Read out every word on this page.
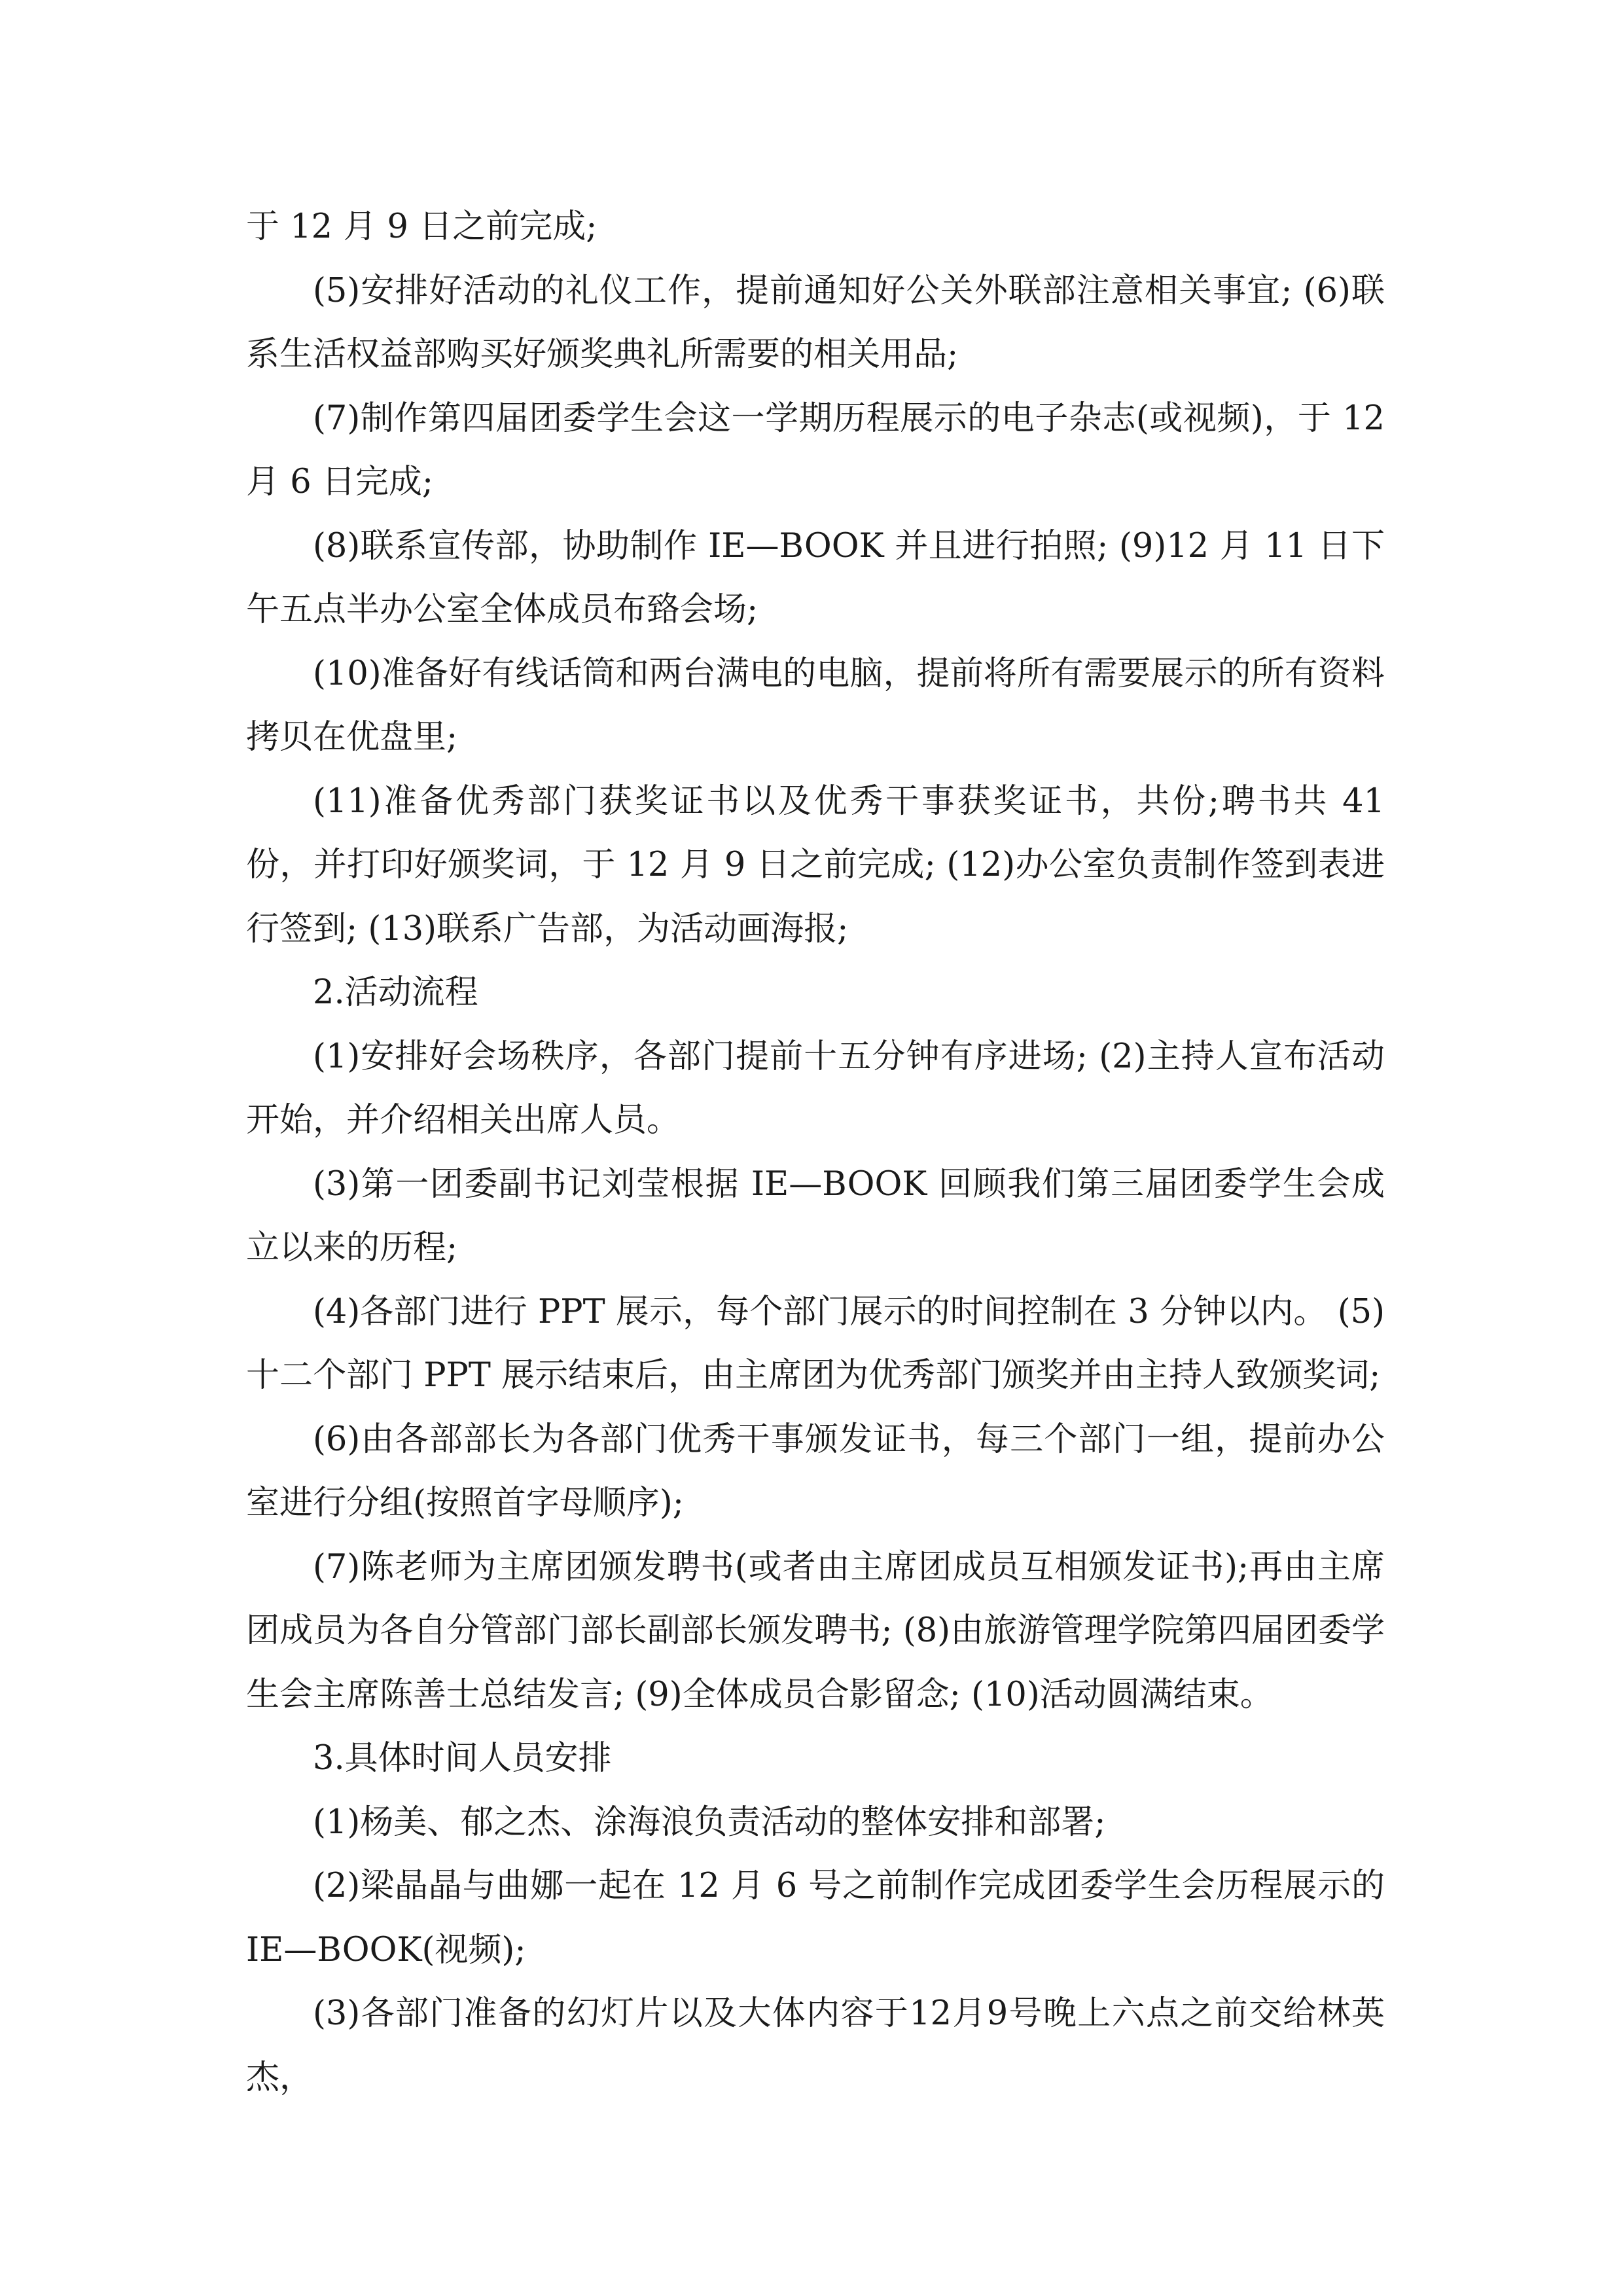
于 12 月 9 日之前完成;

(5)安排好活动的礼仪工作，提前通知好公关外联部注意相关事宜; (6)联系生活权益部购买好颁奖典礼所需要的相关用品;

(7)制作第四届团委学生会这一学期历程展示的电子杂志(或视频)，于 12 月 6 日完成;

(8)联系宣传部，协助制作 IE—BOOK 并且进行拍照; (9)12 月 11 日下午五点半办公室全体成员布臵会场;

(10)准备好有线话筒和两台满电的电脑，提前将所有需要展示的所有资料拷贝在优盘里;

(11)准备优秀部门获奖证书以及优秀干事获奖证书，共份;聘书共 41 份，并打印好颁奖词，于 12 月 9 日之前完成; (12)办公室负责制作签到表进行签到; (13)联系广告部，为活动画海报;

2.活动流程

(1)安排好会场秩序，各部门提前十五分钟有序进场; (2)主持人宣布活动开始，并介绍相关出席人员。

(3)第一团委副书记刘莹根据 IE—BOOK 回顾我们第三届团委学生会成立以来的历程;

(4)各部门进行 PPT 展示，每个部门展示的时间控制在 3 分钟以内。 (5)十二个部门 PPT 展示结束后，由主席团为优秀部门颁奖并由主持人致颁奖词;

(6)由各部部长为各部门优秀干事颁发证书，每三个部门一组，提前办公室进行分组(按照首字母顺序);

(7)陈老师为主席团颁发聘书(或者由主席团成员互相颁发证书);再由主席团成员为各自分管部门部长副部长颁发聘书; (8)由旅游管理学院第四届团委学生会主席陈善士总结发言; (9)全体成员合影留念; (10)活动圆满结束。

3.具体时间人员安排

(1)杨美、郁之杰、涂海浪负责活动的整体安排和部署;

(2)梁晶晶与曲娜一起在 12 月 6 号之前制作完成团委学生会历程展示的 IE—BOOK(视频);

(3)各部门准备的幻灯片以及大体内容于12月9号晚上六点之前交给林英杰，
